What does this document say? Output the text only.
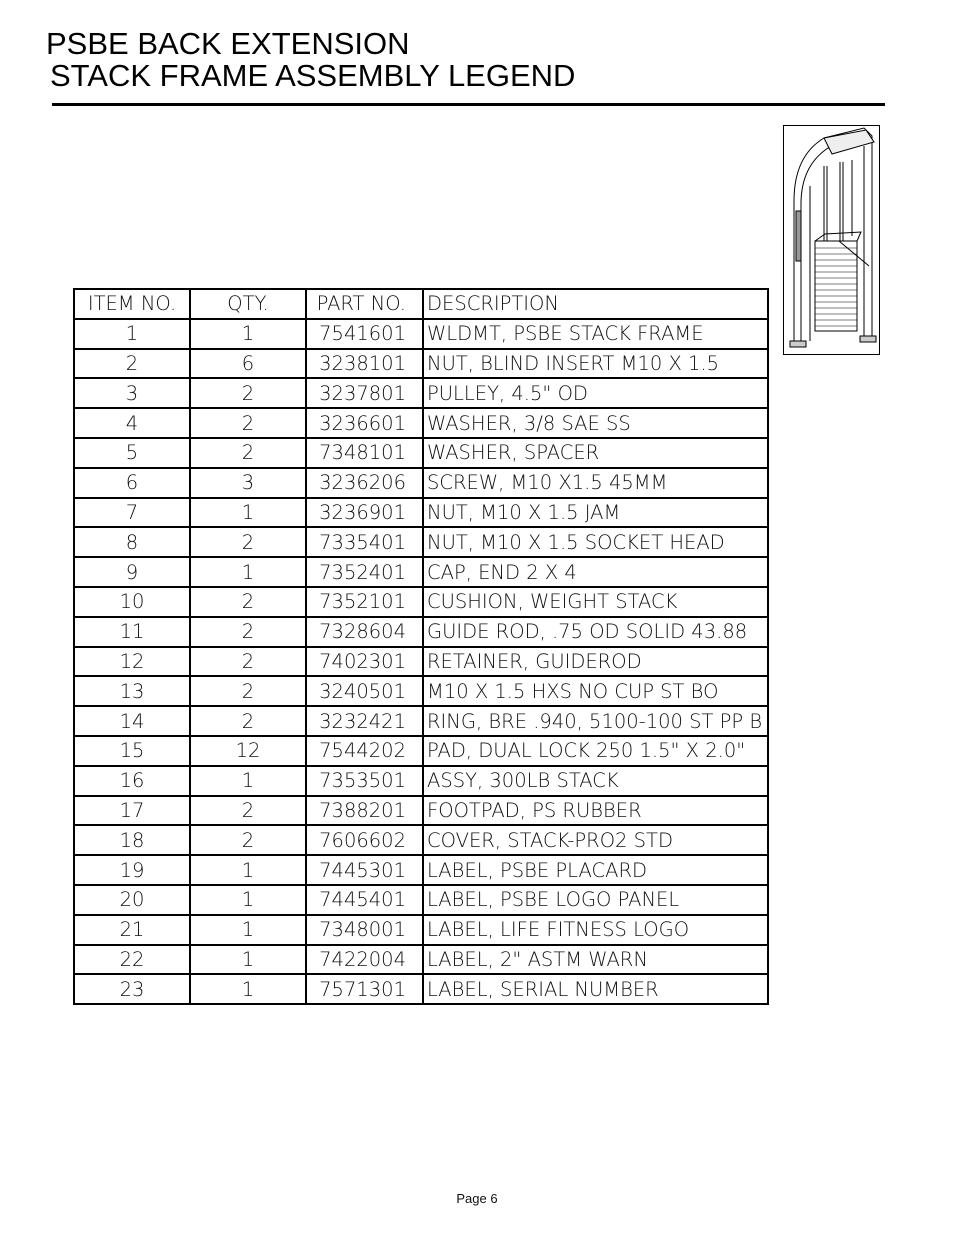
PSBE BACK EXTENSION
STACK FRAME ASSEMBLY LEGEND
ITEM NO.	QTY.	PART NO.	DESCRIPTION
1	1	7541601	WLDMT, PSBE STACK FRAME
2	6	3238101	NUT, BLIND INSERT M10 X 1.5
3	2	3237801	PULLEY, 4.5" OD
4	2	3236601	WASHER, 3/8 SAE SS
5	2	7348101	WASHER, SPACER
6	3	3236206	SCREW, M10 X1.5 45MM
7	1	3236901	NUT, M10 X 1.5 JAM
8	2	7335401	NUT, M10 X 1.5 SOCKET HEAD
9	1	7352401	CAP, END 2 X 4
10	2	7352101	CUSHION, WEIGHT STACK
11	2	7328604	GUIDE ROD, .75 OD SOLID 43.88
12	2	7402301	RETAINER, GUIDEROD
13	2	3240501	M10 X 1.5 HXS NO CUP ST BO
14	2	3232421	RING, BRE .940, 5100-100 ST PP B
15	12	7544202	PAD, DUAL LOCK 250 1.5" X 2.0"
16	1	7353501	ASSY, 300LB STACK
17	2	7388201	FOOTPAD, PS RUBBER
18	2	7606602	COVER, STACK-PRO2 STD
19	1	7445301	LABEL, PSBE PLACARD
20	1	7445401	LABEL, PSBE LOGO PANEL
21	1	7348001	LABEL, LIFE FITNESS LOGO
22	1	7422004	LABEL, 2" ASTM WARN
23	1	7571301	LABEL, SERIAL NUMBER
Page 6
